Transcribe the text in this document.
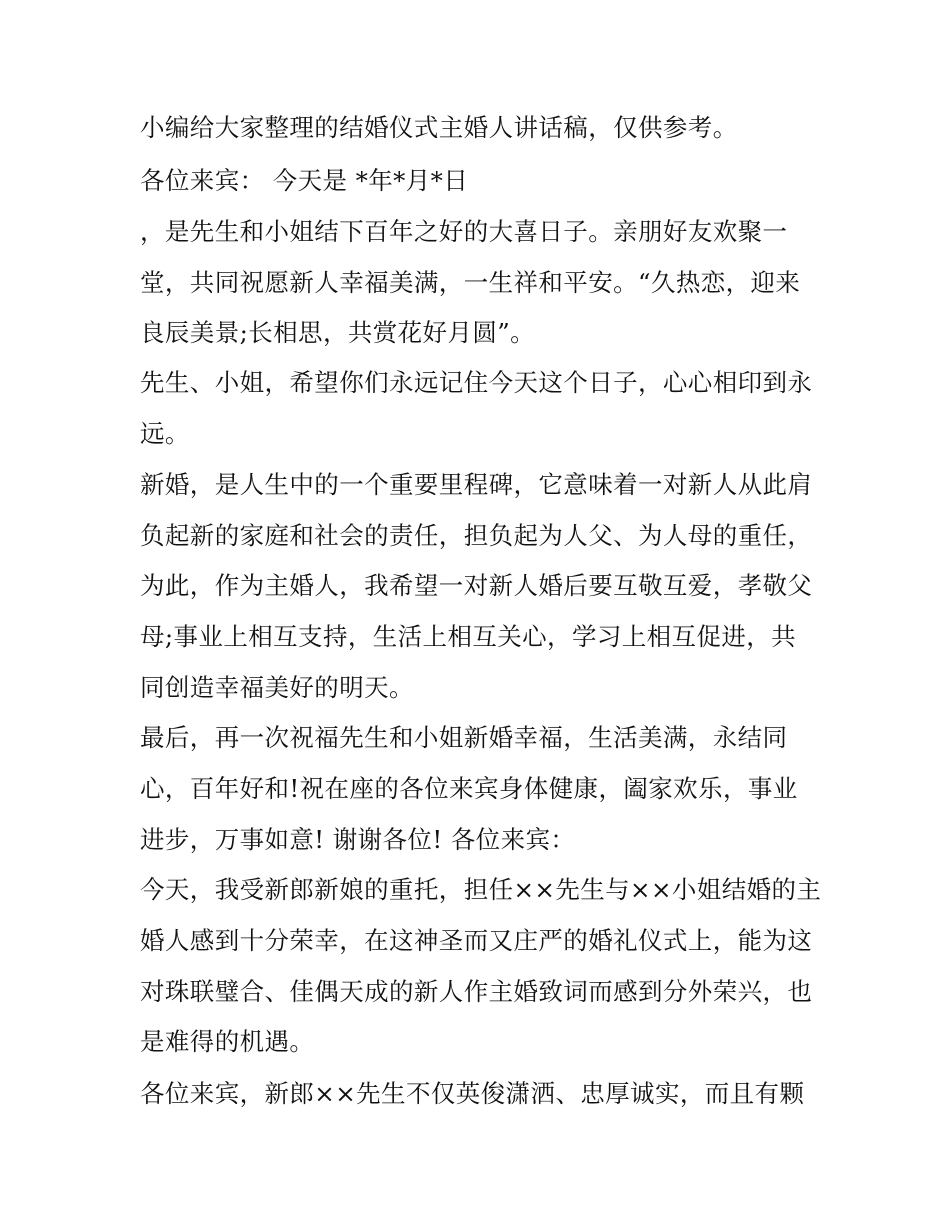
小编给大家整理的结婚仪式主婚人讲话稿，仅供参考。
各位来宾： 今天是 *年*月*日
，是先生和小姐结下百年之好的大喜日子。亲朋好友欢聚一
堂，共同祝愿新人幸福美满，一生祥和平安。“久热恋，迎来
良辰美景;长相思，共赏花好月圆”。
先生、小姐，希望你们永远记住今天这个日子，心心相印到永
远。
新婚，是人生中的一个重要里程碑，它意味着一对新人从此肩
负起新的家庭和社会的责任，担负起为人父、为人母的重任，
为此，作为主婚人，我希望一对新人婚后要互敬互爱，孝敬父
母;事业上相互支持，生活上相互关心，学习上相互促进，共
同创造幸福美好的明天。
最后，再一次祝福先生和小姐新婚幸福，生活美满，永结同
心，百年好和!祝在座的各位来宾身体健康，阖家欢乐，事业
进步，万事如意! 谢谢各位! 各位来宾：
今天，我受新郎新娘的重托，担任××先生与××小姐结婚的主
婚人感到十分荣幸，在这神圣而又庄严的婚礼仪式上，能为这
对珠联璧合、佳偶天成的新人作主婚致词而感到分外荣兴，也
是难得的机遇。
各位来宾，新郎××先生不仅英俊潇洒、忠厚诚实，而且有颗
